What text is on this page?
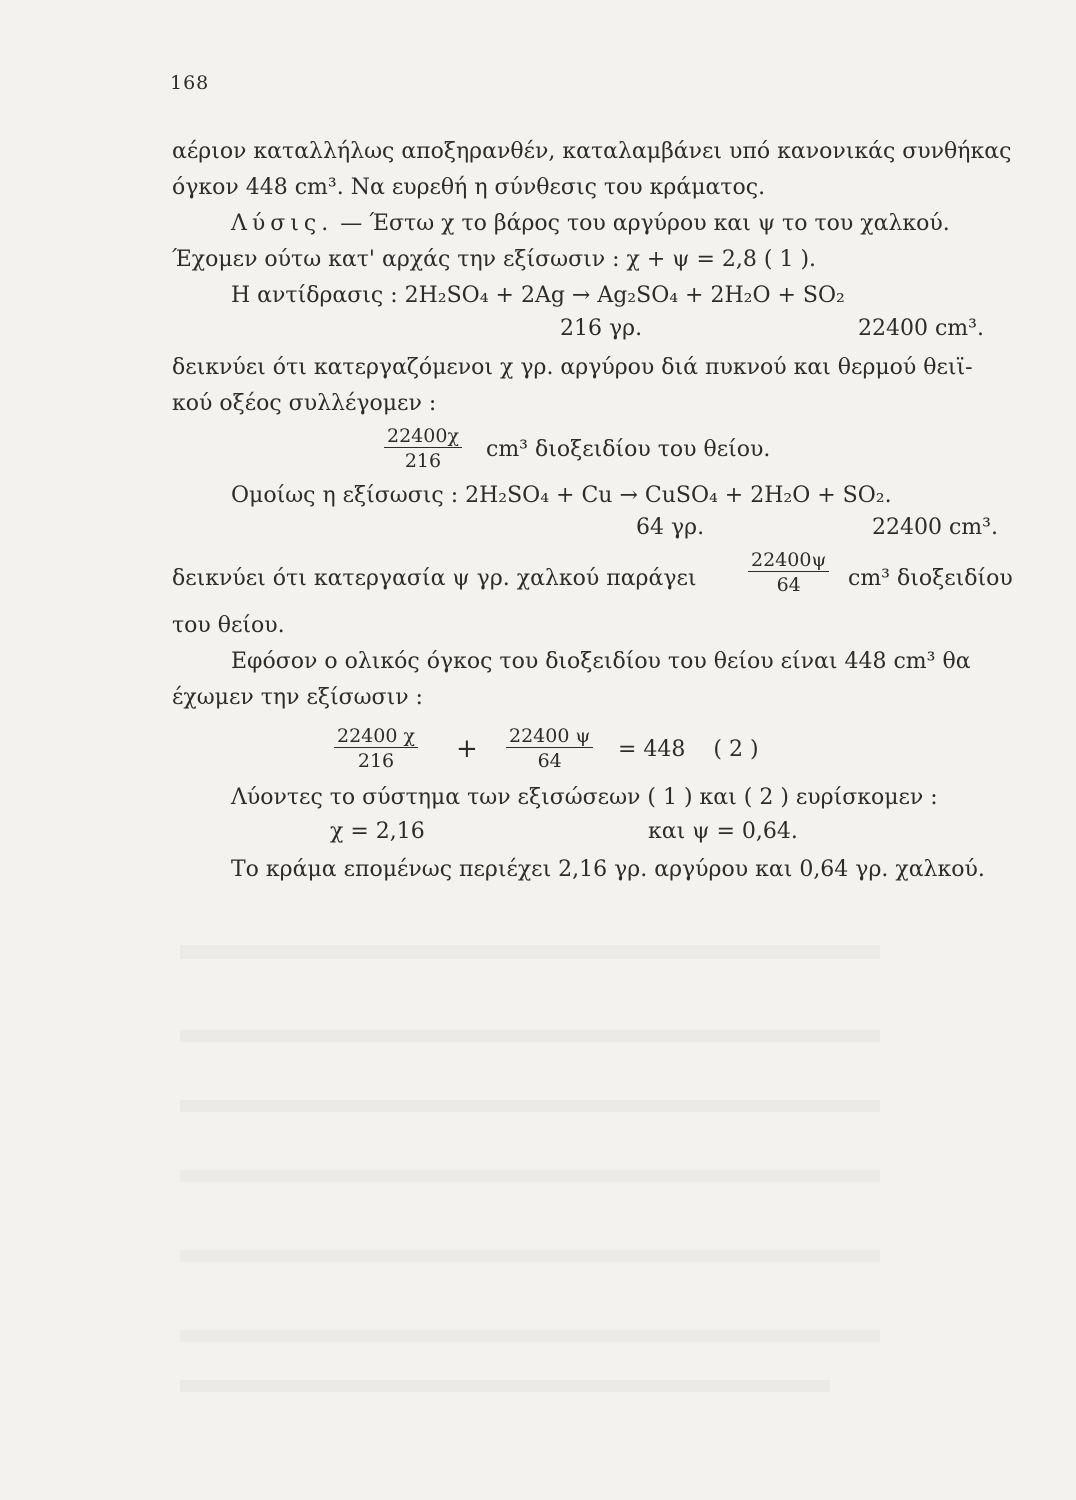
168
αέριον καταλλήλως αποξηρανθέν, καταλαμβάνει υπό κανονικάς συνθήκας
όγκον 448 cm³. Να ευρεθή η σύνθεσις του κράματος.
Λύσις. — Έστω χ το βάρος του αργύρου και ψ το του χαλκού.
Έχομεν ούτω κατ' αρχάς την εξίσωσιν : χ + ψ = 2,8 ( 1 ).
Η αντίδρασις : 2H₂SO₄ + 2Ag → Ag₂SO₄ + 2H₂O + SO₂
216 γρ.	22400 cm³.
δεικνύει ότι κατεργαζόμενοι χ γρ. αργύρου διά πυκνού και θερμού θειϊ-
κού οξέος συλλέγομεν :
$\frac{22400\chi}{216} cm^3$ διοξειδίου του θείου.
Ομοίως η εξίσωσις : 2H₂SO₄ + Cu → CuSO₄ + 2H₂O + SO₂.
64 γρ.	22400 cm³.
δεικνύει ότι κατεργασία ψ γρ. χαλκού παράγει	$\frac{22400\psi}{64} cm^3$ διοξειδίου
του θείου.
Εφόσον ο ολικός όγκος του διοξειδίου του θείου είναι 448 cm³ θα
έχωμεν την εξίσωσιν :
$\frac{22400 \chi}{216} + \frac{22400 \psi}{64} = 448$    ( 2 )
Λύοντες το σύστημα των εξισώσεων ( 1 ) και ( 2 ) ευρίσκομεν :
χ = 2,16	και ψ = 0,64.
Το κράμα επομένως περιέχει 2,16 γρ. αργύρου και 0,64 γρ. χαλκού.
